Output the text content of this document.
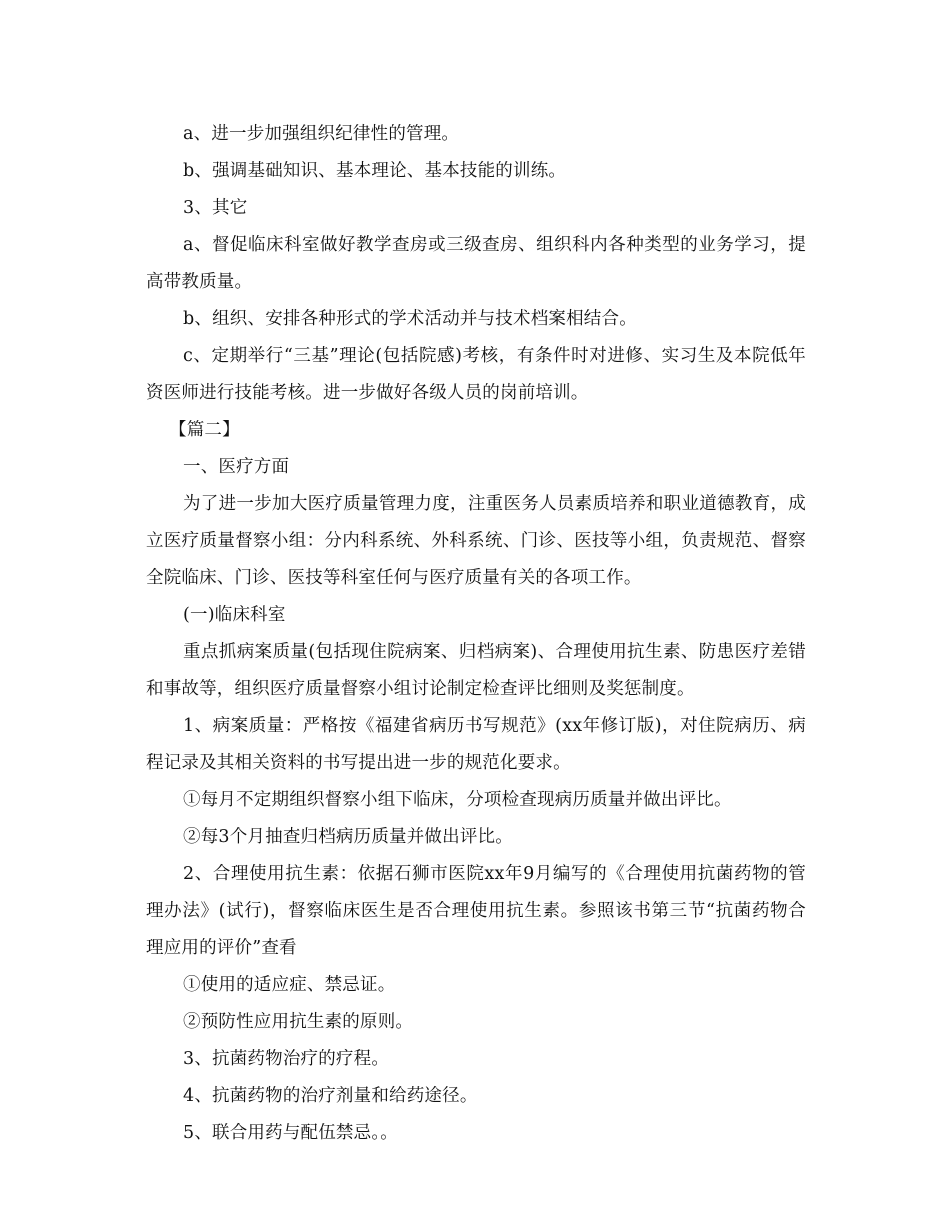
a、进一步加强组织纪律性的管理。

b、强调基础知识、基本理论、基本技能的训练。

3、其它

a、督促临床科室做好教学查房或三级查房、组织科内各种类型的业务学习，提高带教质量。

b、组织、安排各种形式的学术活动并与技术档案相结合。

c、定期举行“三基”理论(包括院感)考核，有条件时对进修、实习生及本院低年资医师进行技能考核。进一步做好各级人员的岗前培训。

【篇二】

一、医疗方面

为了进一步加大医疗质量管理力度，注重医务人员素质培养和职业道德教育，成立医疗质量督察小组：分内科系统、外科系统、门诊、医技等小组，负责规范、督察全院临床、门诊、医技等科室任何与医疗质量有关的各项工作。

(一)临床科室

重点抓病案质量(包括现住院病案、归档病案)、合理使用抗生素、防患医疗差错和事故等，组织医疗质量督察小组讨论制定检查评比细则及奖惩制度。

1、病案质量：严格按《福建省病历书写规范》(xx年修订版)，对住院病历、病程记录及其相关资料的书写提出进一步的规范化要求。

①每月不定期组织督察小组下临床，分项检查现病历质量并做出评比。

②每3个月抽查归档病历质量并做出评比。

2、合理使用抗生素：依据石狮市医院xx年9月编写的《合理使用抗菌药物的管理办法》(试行)，督察临床医生是否合理使用抗生素。参照该书第三节“抗菌药物合理应用的评价”查看

①使用的适应症、禁忌证。

②预防性应用抗生素的原则。

3、抗菌药物治疗的疗程。

4、抗菌药物的治疗剂量和给药途径。

5、联合用药与配伍禁忌。。
